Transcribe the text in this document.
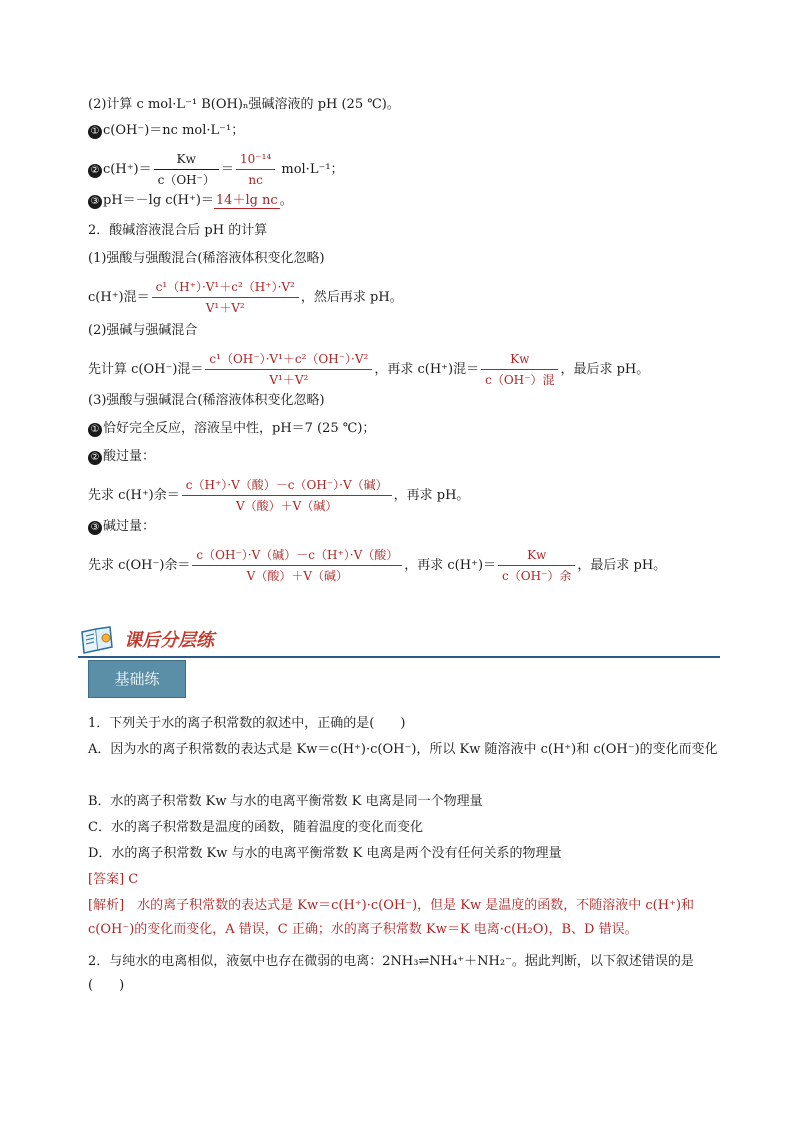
(2)计算 c mol·L⁻¹ B(OH)ₙ强碱溶液的 pH (25 ℃)。
① c(OH⁻)＝nc mol·L⁻¹；
② $c(H^+)= \frac{Kw}{c(OH^-)} = \frac{\text{10⁻¹⁴}}{nc} mol\cdot L^{-1}$；
③ pH＝－lg c(H⁺)＝ 14＋lg nc 。
2．酸碱溶液混合后 pH 的计算
(1)强酸与强酸混合(稀溶液体积变化忽略)
c(H⁺)混＝ $\frac{\text{c¹（H⁺）·V¹＋c²（H⁺）·V²}}{\text{V¹＋V²}}$ ，然后再求 pH。
(2)强碱与强碱混合
先计算 c(OH⁻)混＝ $\frac{\text{c¹（OH⁻）·V¹＋c²（OH⁻）·V²}}{\text{V¹＋V²}}$ ，再求 c(H⁺)混＝ $\frac{Kw}{\text{c（OH⁻）混}}$ ，最后求 pH。
(3)强酸与强碱混合(稀溶液体积变化忽略)
① 恰好完全反应，溶液呈中性，pH＝7 (25 ℃)；
② 酸过量：
先求 c(H⁺)余＝ $\frac{\text{c（H⁺）·V（酸）－c（OH⁻）·V（碱）}}{\text{V（酸）＋V（碱）}}$ ，再求 pH。
③ 碱过量：
先求 c(OH⁻)余＝ $\frac{\text{c（OH⁻）·V（碱）－c（H⁺）·V（酸）}}{\text{V（酸）＋V（碱）}}$ ，再求 $c(H^+)= \frac{Kw}{\text{c（OH⁻）余}}$ ，最后求 pH。
课后分层练
基础练
1．下列关于水的离子积常数的叙述中，正确的是(　　)
A．因为水的离子积常数的表达式是 Kw＝c(H⁺)·c(OH⁻)，所以 Kw 随溶液中 c(H⁺)和 c(OH⁻)的变化而变化
B．水的离子积常数 Kw 与水的电离平衡常数 K 电离是同一个物理量
C．水的离子积常数是温度的函数，随着温度的变化而变化
D．水的离子积常数 Kw 与水的电离平衡常数 K 电离是两个没有任何关系的物理量
[答案] C
[解析]　水的离子积常数的表达式是 Kw＝c(H⁺)·c(OH⁻)，但是 Kw 是温度的函数，不随溶液中 c(H⁺)和 c(OH⁻)的变化而变化，A 错误，C 正确；水的离子积常数 Kw＝K 电离·c(H₂O)，B、D 错误。
2．与纯水的电离相似，液氨中也存在微弱的电离：2NH₃⇌NH₄⁺＋NH₂⁻。据此判断，以下叙述错误的是(　　)
